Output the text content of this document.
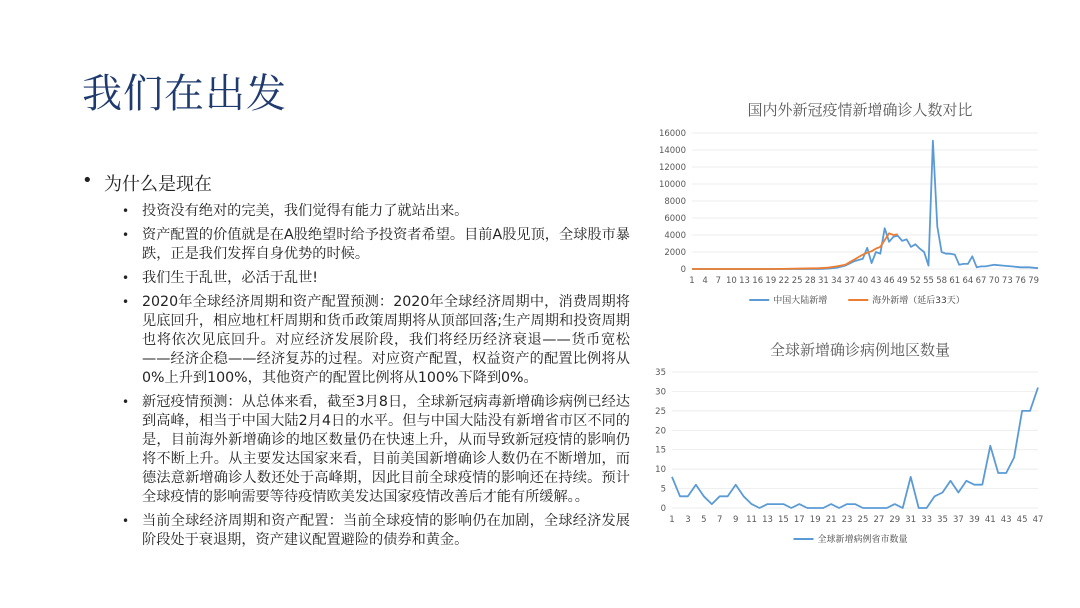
我们在出发
• 为什么是现在
• 投资没有绝对的完美，我们觉得有能力了就站出来。
• 资产配置的价值就是在A股绝望时给予投资者希望。目前A股见顶，全球股市暴跌，正是我们发挥自身优势的时候。
• 我们生于乱世，必活于乱世!
• 2020年全球经济周期和资产配置预测：2020年全球经济周期中，消费周期将见底回升，相应地杠杆周期和货币政策周期将从顶部回落;生产周期和投资周期也将依次见底回升。对应经济发展阶段，我们将经历经济衰退——货币宽松——经济企稳——经济复苏的过程。对应资产配置，权益资产的配置比例将从0%上升到100%，其他资产的配置比例将从100%下降到0%。
• 新冠疫情预测：从总体来看，截至3月8日，全球新冠病毒新增确诊病例已经达到高峰，相当于中国大陆2月4日的水平。但与中国大陆没有新增省市区不同的是，目前海外新增确诊的地区数量仍在快速上升，从而导致新冠疫情的影响仍将不断上升。从主要发达国家来看，目前美国新增确诊人数仍在不断增加，而德法意新增确诊人数还处于高峰期，因此目前全球疫情的影响还在持续。预计全球疫情的影响需要等待疫情欧美发达国家疫情改善后才能有所缓解。。
• 当前全球经济周期和资产配置：当前全球疫情的影响仍在加剧，全球经济发展阶段处于衰退期，资产建议配置避险的债券和黄金。
国内外新冠疫情新增确诊人数对比
0
2000
4000
6000
8000
10000
12000
14000
16000
1 4 7 10 13 16 19 22 25 28 31 34 37 40 43 46 49 52 55 58 61 64 67 70 73 76 79
中国大陆新增	海外新增（延后33天）
全球新增确诊病例地区数量
0
5
10
15
20
25
30
35
1 3 5 7 9 11 13 15 17 19 21 23 25 27 29 31 33 35 37 39 41 43 45 47
全球新增病例省市数量
